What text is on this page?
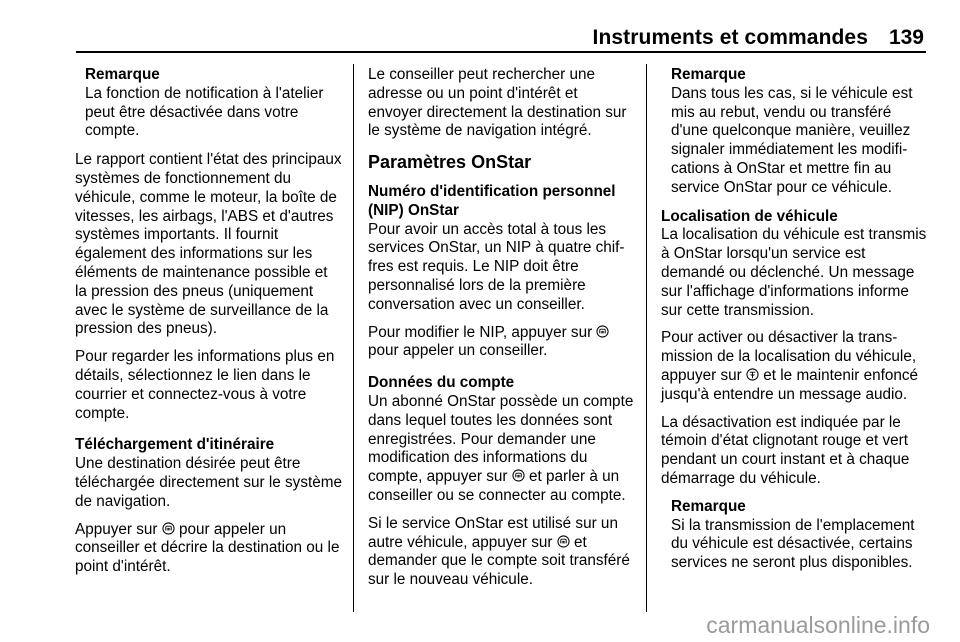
Instruments et commandes 139
Remarque
La fonction de notification à l'atelier peut être désactivée dans votre compte.

Le rapport contient l'état des principaux systèmes de fonctionnement du véhicule, comme le moteur, la boîte de vitesses, les airbags, l'ABS et d'autres systèmes importants. Il fournit également des informations sur les éléments de maintenance possible et la pression des pneus (uniquement avec le système de surveillance de la pression des pneus).

Pour regarder les informations plus en détails, sélectionnez le lien dans le courrier et connectez-vous à votre compte.

Téléchargement d'itinéraire

Une destination désirée peut être téléchargée directement sur le système de navigation.

Appuyer sur  pour appeler un conseiller et décrire la destination ou le point d'intérêt.

Le conseiller peut rechercher une adresse ou un point d'intérêt et envoyer directement la destination sur le système de navigation intégré.

Paramètres OnStar
Numéro d'identification personnel (NIP) OnStar

Pour avoir un accès total à tous les services OnStar, un NIP à quatre chiffres est requis. Le NIP doit être personnalisé lors de la première conversation avec un conseiller.

Pour modifier le NIP, appuyer sur  pour appeler un conseiller.

Données du compte

Un abonné OnStar possède un compte dans lequel toutes les données sont enregistrées. Pour demander une modification des informations du compte, appuyer sur  et parler à un conseiller ou se connecter au compte.

Si le service OnStar est utilisé sur un autre véhicule, appuyer sur  et demander que le compte soit transféré sur le nouveau véhicule.

Remarque
Dans tous les cas, si le véhicule est mis au rebut, vendu ou transféré d'une quelconque manière, veuillez signaler immédiatement les modifications à OnStar et mettre fin au service OnStar pour ce véhicule.
Localisation de véhicule

La localisation du véhicule est transmis à OnStar lorsqu'un service est demandé ou déclenché. Un message sur l'affichage d'informations informe sur cette transmission.

Pour activer ou désactiver la transmission de la localisation du véhicule, appuyer sur  et le maintenir enfoncé jusqu'à entendre un message audio.

La désactivation est indiquée par le témoin d'état clignotant rouge et vert pendant un court instant et à chaque démarrage du véhicule.

Remarque
Si la transmission de l'emplacement du véhicule est désactivée, certains services ne seront plus disponibles.
carmanualsonline.info
